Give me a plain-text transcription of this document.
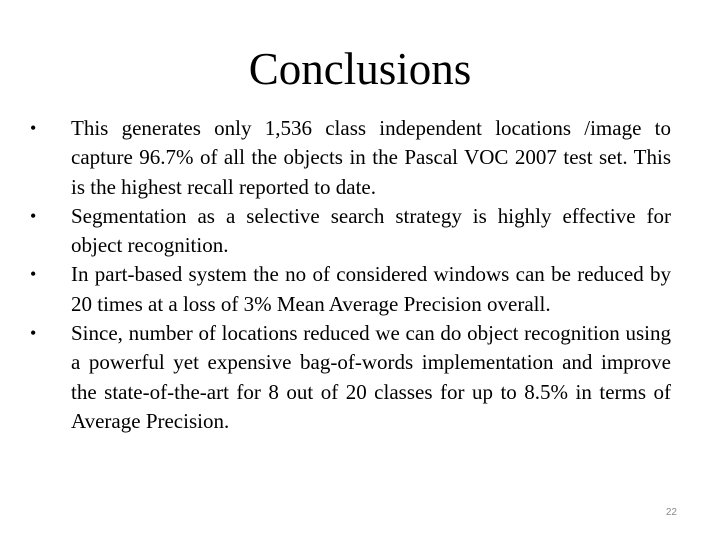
Conclusions
• This generates only 1,536 class independent locations /image to capture 96.7% of all the objects in the Pascal VOC 2007 test set. This is the highest recall reported to date.
• Segmentation as a selective search strategy is highly effective for object recognition.
• In part-based system the no of considered windows can be reduced by 20 times at a loss of 3% Mean Average Precision overall.
• Since, number of locations reduced we can do object recognition using a powerful yet expensive bag-of-words implementation and improve the state-of-the-art for 8 out of 20 classes for up to 8.5% in terms of Average Precision.
22
